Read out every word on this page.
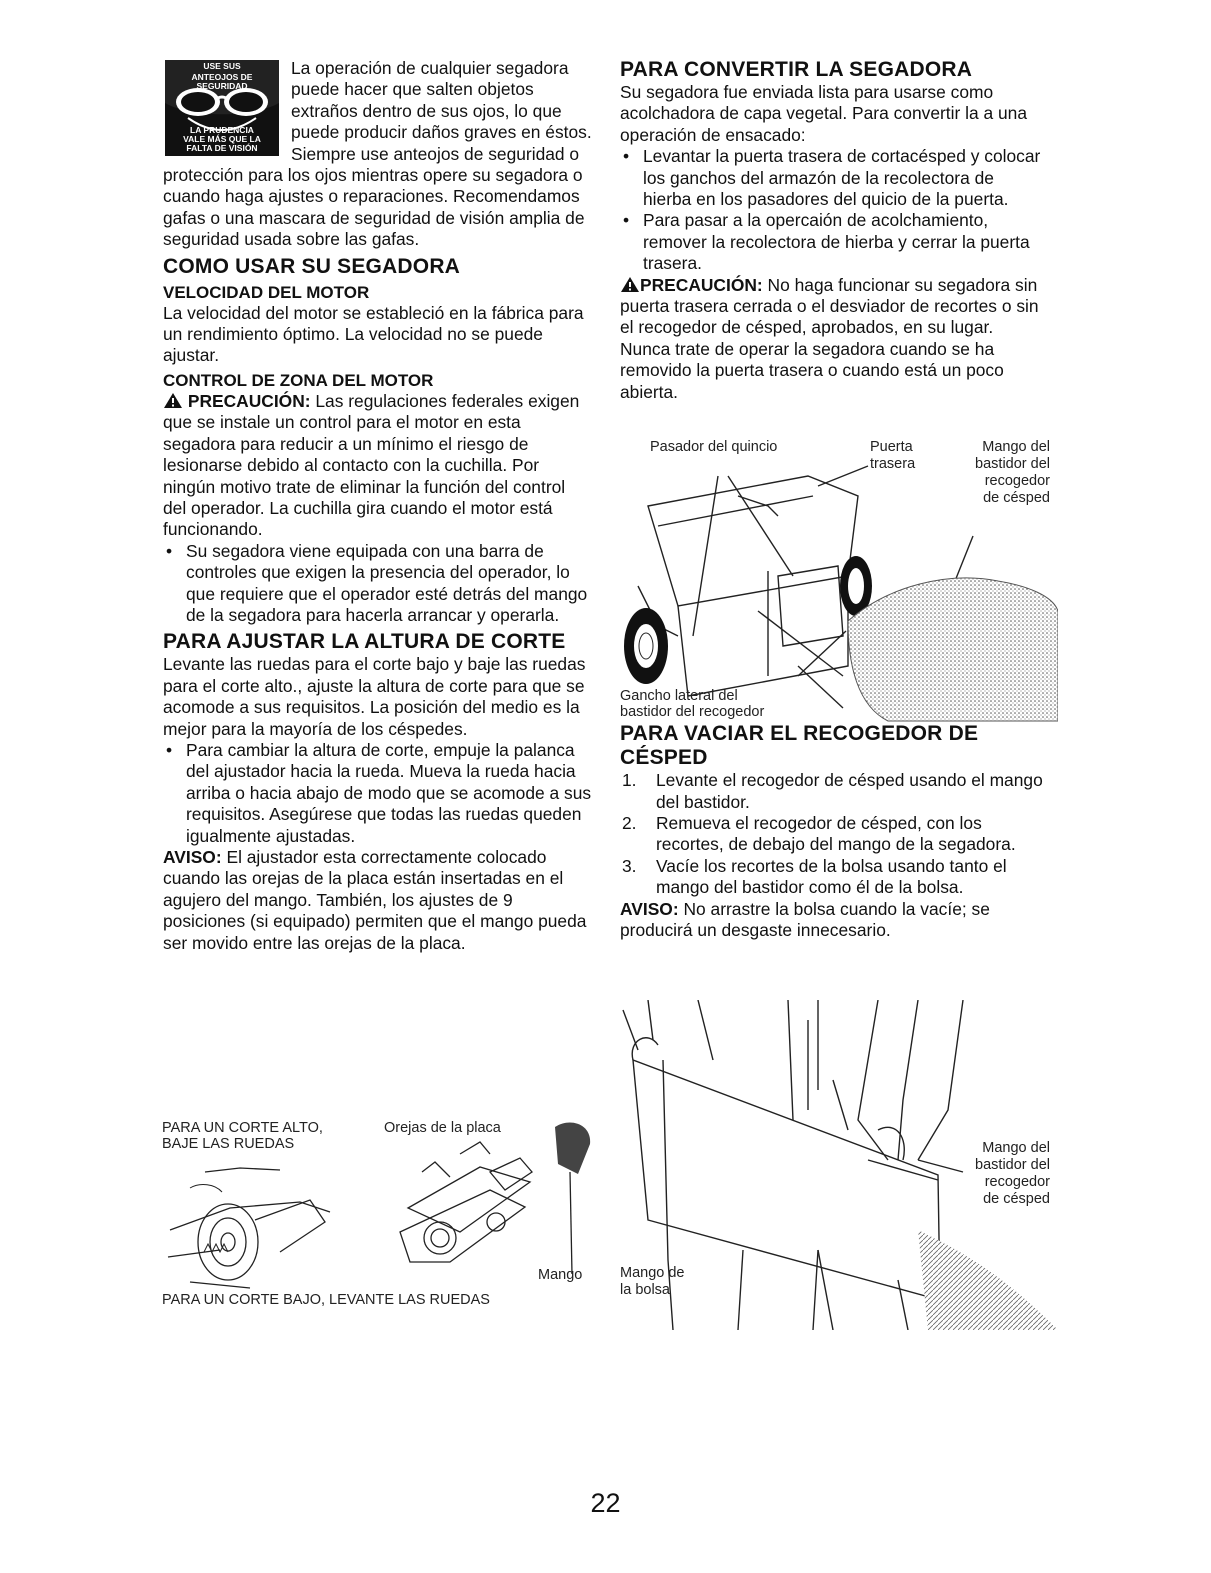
USE SUS
ANTEOJOS DE
SEGURIDAD
LA PRUDENCIA
VALE MÁS QUE LA
FALTA DE VISIÓN

La operación de cualquier segadora puede hacer que salten objetos extraños dentro de sus ojos, lo que puede producir daños graves en éstos. Siempre use anteojos de seguridad o protección para los ojos mientras opere su segadora o cuando haga ajustes o reparaciones. Recomendamos gafas o una mascara de seguridad de visión amplia de seguridad usada sobre las gafas.

COMO USAR SU SEGADORA
VELOCIDAD DEL MOTOR

La velocidad del motor se estableció en la fábrica para un rendimiento óptimo. La velocidad no se puede ajustar.

CONTROL DE ZONA DEL MOTOR

PRECAUCIÓN: Las regulaciones federales exigen que se instale un control para el motor en esta segadora para reducir a un mínimo el riesgo de lesionarse debido al contacto con la cuchilla. Por ningún motivo trate de eliminar la función del control del operador. La cuchilla gira cuando el motor está funcionando.

• Su segadora viene equipada con una barra de controles que exigen la presencia del operador, lo que requiere que el operador esté detrás del mango de la segadora para hacerla arrancar y operarla.
PARA AJUSTAR LA ALTURA DE CORTE

Levante las ruedas para el corte bajo y baje las ruedas para el corte alto., ajuste la altura de corte para que se acomode a sus requisitos. La posición del medio es la mejor para la mayoría de los céspedes.

• Para cambiar la altura de corte, empuje la palanca del ajustador hacia la rueda. Mueva la rueda hacia arriba o hacia abajo de modo que se acomode a sus requisitos. Asegúrese que todas las ruedas queden igualmente ajustadas.

AVISO: El ajustador esta correctamente colocado cuando las orejas de la placa están insertadas en el agujero del mango. También, los ajustes de 9 posiciones (si equipado) permiten que el mango pueda ser movido entre las orejas de la placa.

PARA UN CORTE ALTO,
BAJE LAS RUEDAS
Orejas de la placa
Mango
PARA UN CORTE BAJO, LEVANTE LAS RUEDAS
PARA CONVERTIR LA SEGADORA

Su segadora fue enviada lista para usarse como acolchadora de capa vegetal. Para convertir la a una operación de ensacado:

• Levantar la puerta trasera de cortacésped y colocar los ganchos del armazón de la recolectora de hierba en los pasadores del quicio de la puerta.
• Para pasar a la opercaión de acolchamiento, remover la recolectora de hierba y cerrar la puerta trasera.

PRECAUCIÓN: No haga funcionar su segadora sin puerta trasera cerrada o el desviador de recortes o sin el recogedor de césped, aprobados, en su lugar. Nunca trate de operar la segadora cuando se ha removido la puerta trasera o cuando está un poco abierta.

PARA VACIAR EL RECOGEDOR DE CÉSPED
1. Levante el recogedor de césped usando el mango del bastidor.
2. Remueva el recogedor de césped, con los recortes, de debajo del mango de la segadora.
3. Vacíe los recortes de la bolsa usando tanto el mango del bastidor como él de la bolsa.

AVISO: No arrastre la bolsa cuando la vacíe; se producirá un desgaste innecesario.

Pasador del quincio	Puerta
trasera
Mango del
bastidor del
recogedor
de césped
Gancho lateral del
bastidor del recogedor
Mango del
bastidor del
recogedor
de césped
Mango de
la bolsa
22
